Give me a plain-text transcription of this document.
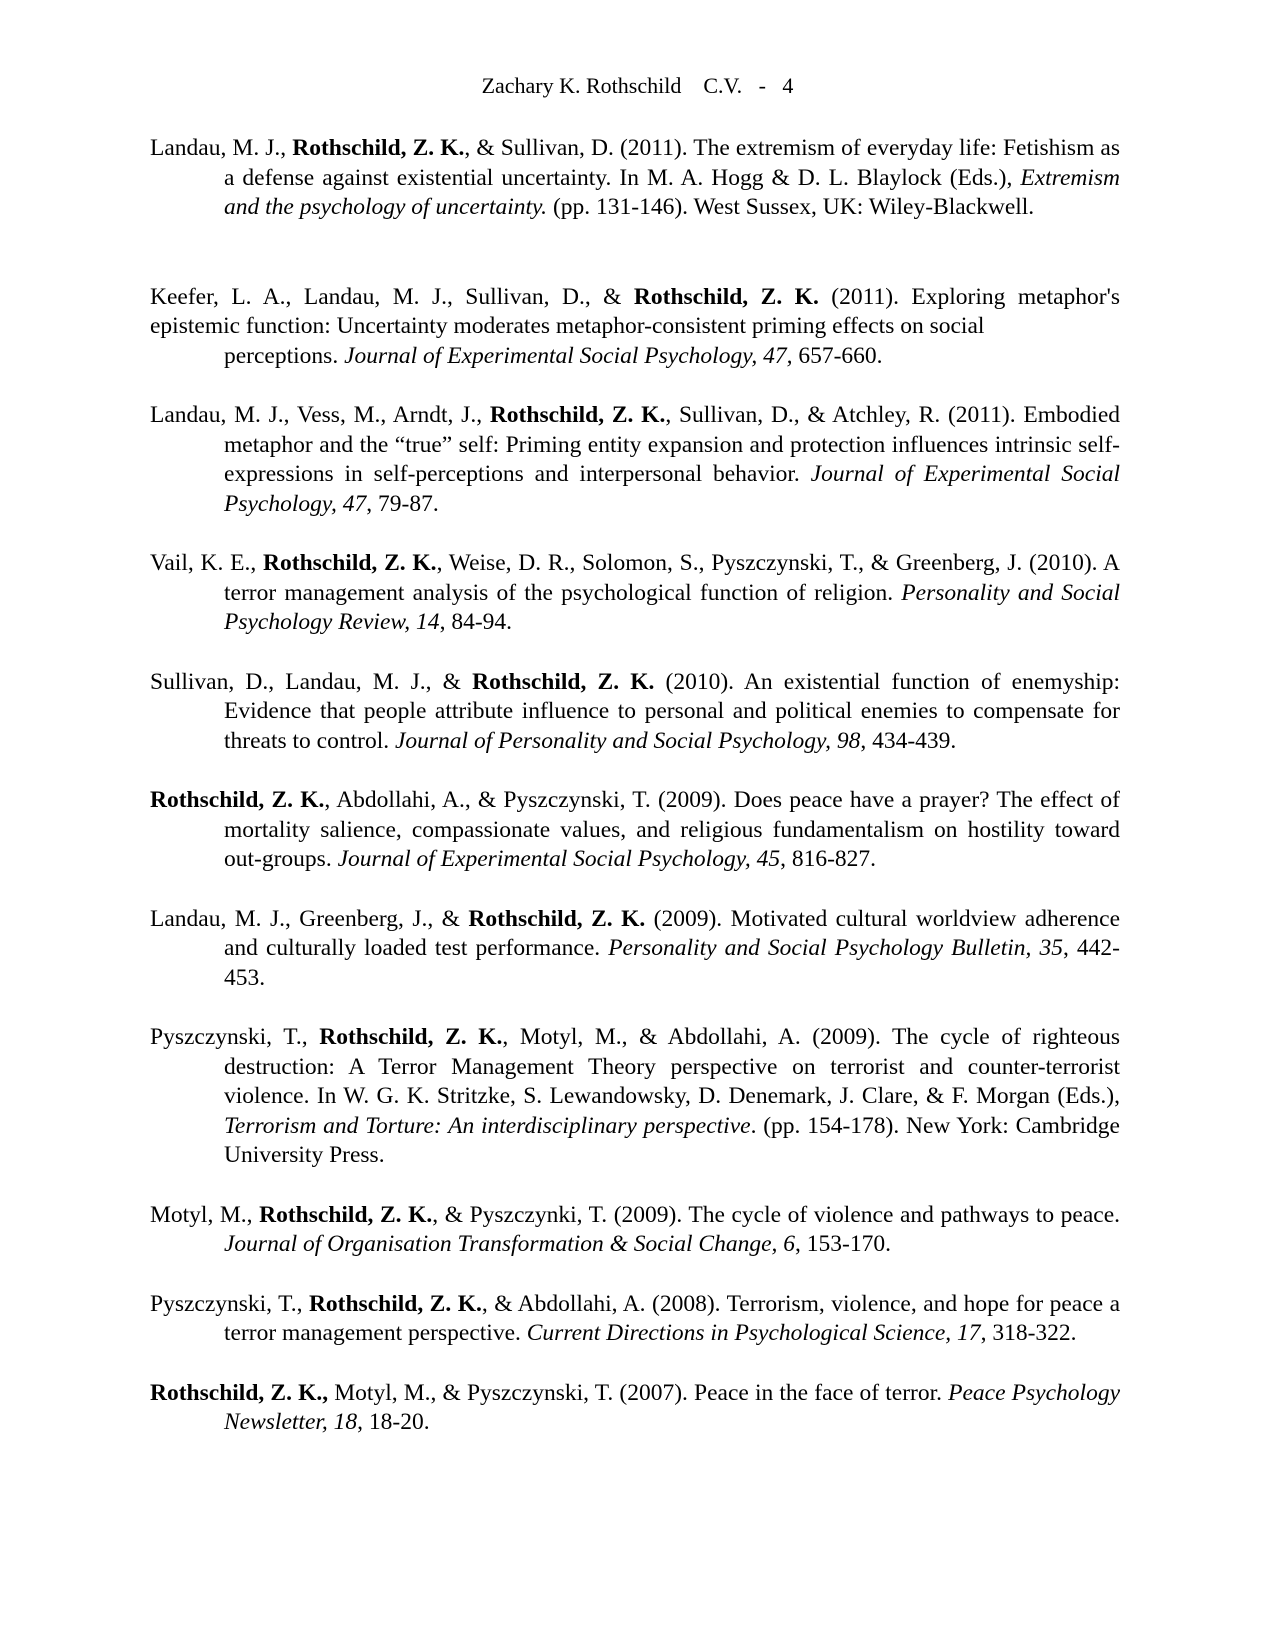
Zachary K. Rothschild C.V. - 4

Landau, M. J., Rothschild, Z. K., & Sullivan, D. (2011). The extremism of everyday life: Fetishism as a defense against existential uncertainty. In M. A. Hogg & D. L. Blaylock (Eds.), Extremism and the psychology of uncertainty. (pp. 131-146). West Sussex, UK: Wiley-Blackwell.

Keefer, L. A., Landau, M. J., Sullivan, D., & Rothschild, Z. K. (2011). Exploring metaphor's epistemic function: Uncertainty moderates metaphor-consistent priming effects on social
perceptions. Journal of Experimental Social Psychology, 47, 657-660.

Landau, M. J., Vess, M., Arndt, J., Rothschild, Z. K., Sullivan, D., & Atchley, R. (2011). Embodied metaphor and the “true” self: Priming entity expansion and protection influences intrinsic self-expressions in self-perceptions and interpersonal behavior. Journal of Experimental Social Psychology, 47, 79-87.

Vail, K. E., Rothschild, Z. K., Weise, D. R., Solomon, S., Pyszczynski, T., & Greenberg, J. (2010). A terror management analysis of the psychological function of religion. Personality and Social Psychology Review, 14, 84-94.

Sullivan, D., Landau, M. J., & Rothschild, Z. K. (2010). An existential function of enemyship: Evidence that people attribute influence to personal and political enemies to compensate for threats to control. Journal of Personality and Social Psychology, 98, 434-439.

Rothschild, Z. K., Abdollahi, A., & Pyszczynski, T. (2009). Does peace have a prayer? The effect of mortality salience, compassionate values, and religious fundamentalism on hostility toward out-groups. Journal of Experimental Social Psychology, 45, 816-827.

Landau, M. J., Greenberg, J., & Rothschild, Z. K. (2009). Motivated cultural worldview adherence and culturally loaded test performance. Personality and Social Psychology Bulletin, 35, 442-453.

Pyszczynski, T., Rothschild, Z. K., Motyl, M., & Abdollahi, A. (2009). The cycle of righteous destruction: A Terror Management Theory perspective on terrorist and counter-terrorist violence. In W. G. K. Stritzke, S. Lewandowsky, D. Denemark, J. Clare, & F. Morgan (Eds.), Terrorism and Torture: An interdisciplinary perspective. (pp. 154-178). New York: Cambridge University Press.

Motyl, M., Rothschild, Z. K., & Pyszczynki, T. (2009). The cycle of violence and pathways to peace. Journal of Organisation Transformation & Social Change, 6, 153-170.

Pyszczynski, T., Rothschild, Z. K., & Abdollahi, A. (2008). Terrorism, violence, and hope for peace a terror management perspective. Current Directions in Psychological Science, 17, 318-322.

Rothschild, Z. K., Motyl, M., & Pyszczynski, T. (2007). Peace in the face of terror. Peace Psychology Newsletter, 18, 18-20.
